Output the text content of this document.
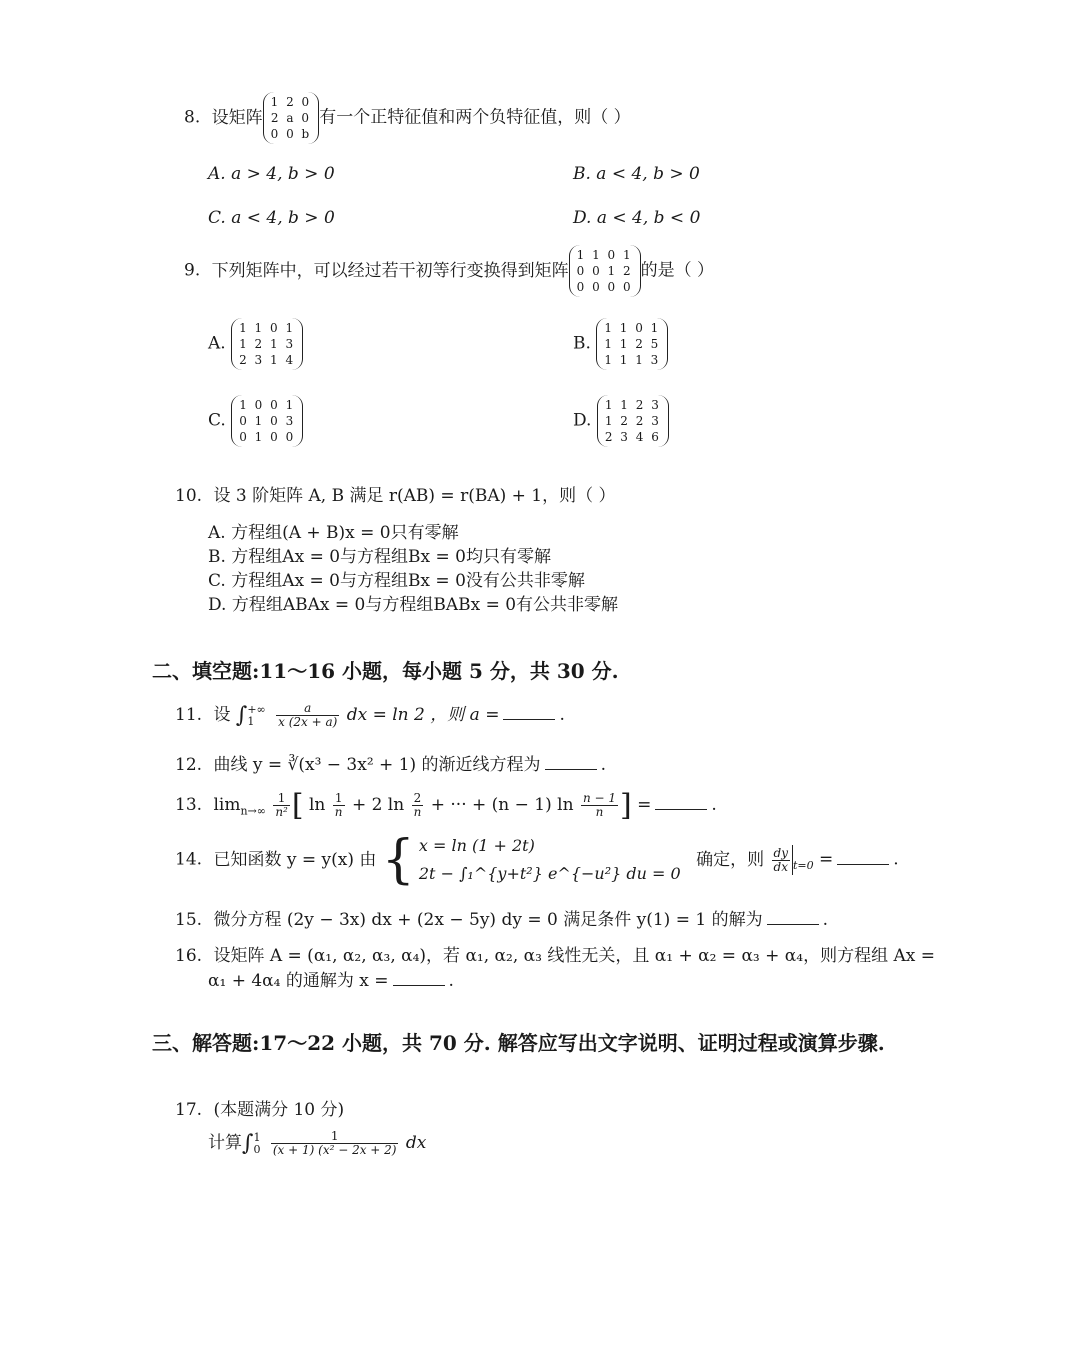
8. 设矩阵
1 2 0
2 a 0
0 0 b
有一个正特征值和两个负特征值，则（ ）
A. a > 4, b > 0	B. a < 4, b > 0
C. a < 4, b > 0	D. a < 4, b < 0
9. 下列矩阵中，可以经过若干初等行变换得到矩阵
1 1 0 1
0 0 1 2
0 0 0 0
的是（ ）
A.
1 1 0 1
1 2 1 3
2 3 1 4
B.
1 1 0 1
1 1 2 5
1 1 1 3
C.
1 0 0 1
0 1 0 3
0 1 0 0
D.
1 1 2 3
1 2 2 3
2 3 4 6
10. 设 3 阶矩阵 A, B 满足 r(AB) = r(BA) + 1，则（ ）
A. 方程组(A + B)x = 0只有零解
B. 方程组Ax = 0与方程组Bx = 0均只有零解
C. 方程组Ax = 0与方程组Bx = 0没有公共非零解
D. 方程组ABAx = 0与方程组BABx = 0有公共非零解
二、填空题:11～16 小题，每小题 5 分，共 30 分.
11. 设 ∫ +∞
1
	$\frac{a}{x (2x + a)}$ dx = ln 2 ，则 a =	.
12. 曲线 y = ∛(x³ − 3x² + 1) 的渐近线方程为	.
13. $\lim_{n\to\infty} \frac{1}{\text{n²}}$ [ $\ln \frac{1}{n} + 2$ $\ln \frac{2}{n}$ + ··· + (n − 1) $\ln \frac{n - 1}{n}$ ] =	.
14. 已知函数 y = y(x) 由 { x = ln (1 + 2t)
2t − ∫₁^{y+t²} e^{−u²} du = 0
确定，则 $\frac{dy}{dx} _{t=0}$ =	.
15. 微分方程 (2y − 3x) dx + (2x − 5y) dy = 0 满足条件 y(1) = 1 的解为	.
16. 设矩阵 A = (α₁, α₂, α₃, α₄)，若 α₁, α₂, α₃ 线性无关，且 α₁ + α₂ = α₃ + α₄，则方程组 Ax =
α₁ + 4α₄ 的通解为 x =	.
三、解答题:17～22 小题，共 70 分. 解答应写出文字说明、证明过程或演算步骤.
17. (本题满分 10 分)
计算∫ 1
0
$\frac{1}{\text{(x + 1) (x² − 2x + 2)}}$ dx
